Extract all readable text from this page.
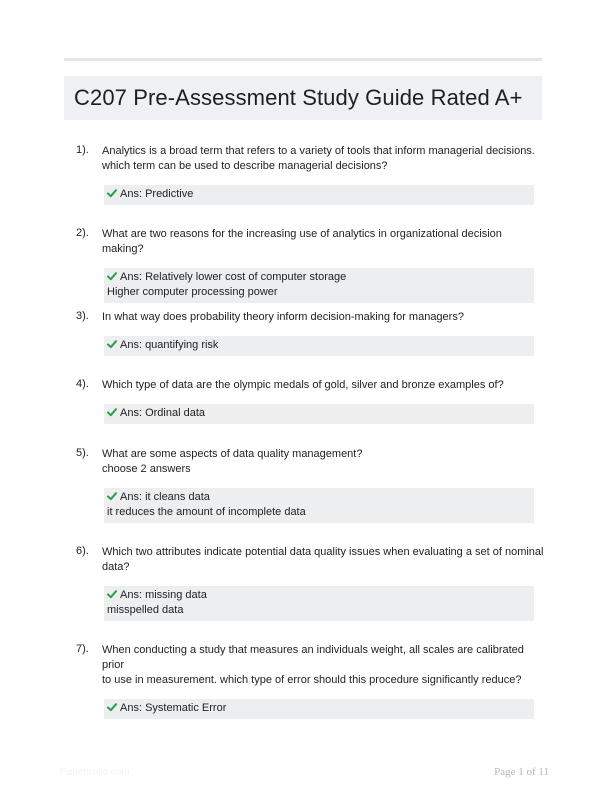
C207 Pre-Assessment Study Guide Rated A+
1). Analytics is a broad term that refers to a variety of tools that inform managerial decisions.
which term can be used to describe managerial decisions?
Ans: Predictive
2). What are two reasons for the increasing use of analytics in organizational decision making?
Ans: Relatively lower cost of computer storage
Higher computer processing power
3). In what way does probability theory inform decision-making for managers?
Ans: quantifying risk
4). Which type of data are the olympic medals of gold, silver and bronze examples of?
Ans: Ordinal data
5). What are some aspects of data quality management?
choose 2 answers
Ans: it cleans data
it reduces the amount of incomplete data
6). Which two attributes indicate potential data quality issues when evaluating a set of nominal
data?
Ans: missing data
misspelled data
7). When conducting a study that measures an individuals weight, all scales are calibrated prior
to use in measurement. which type of error should this procedure significantly reduce?
Ans: Systematic Error
Papertrolic.com	Page 1 of 11
